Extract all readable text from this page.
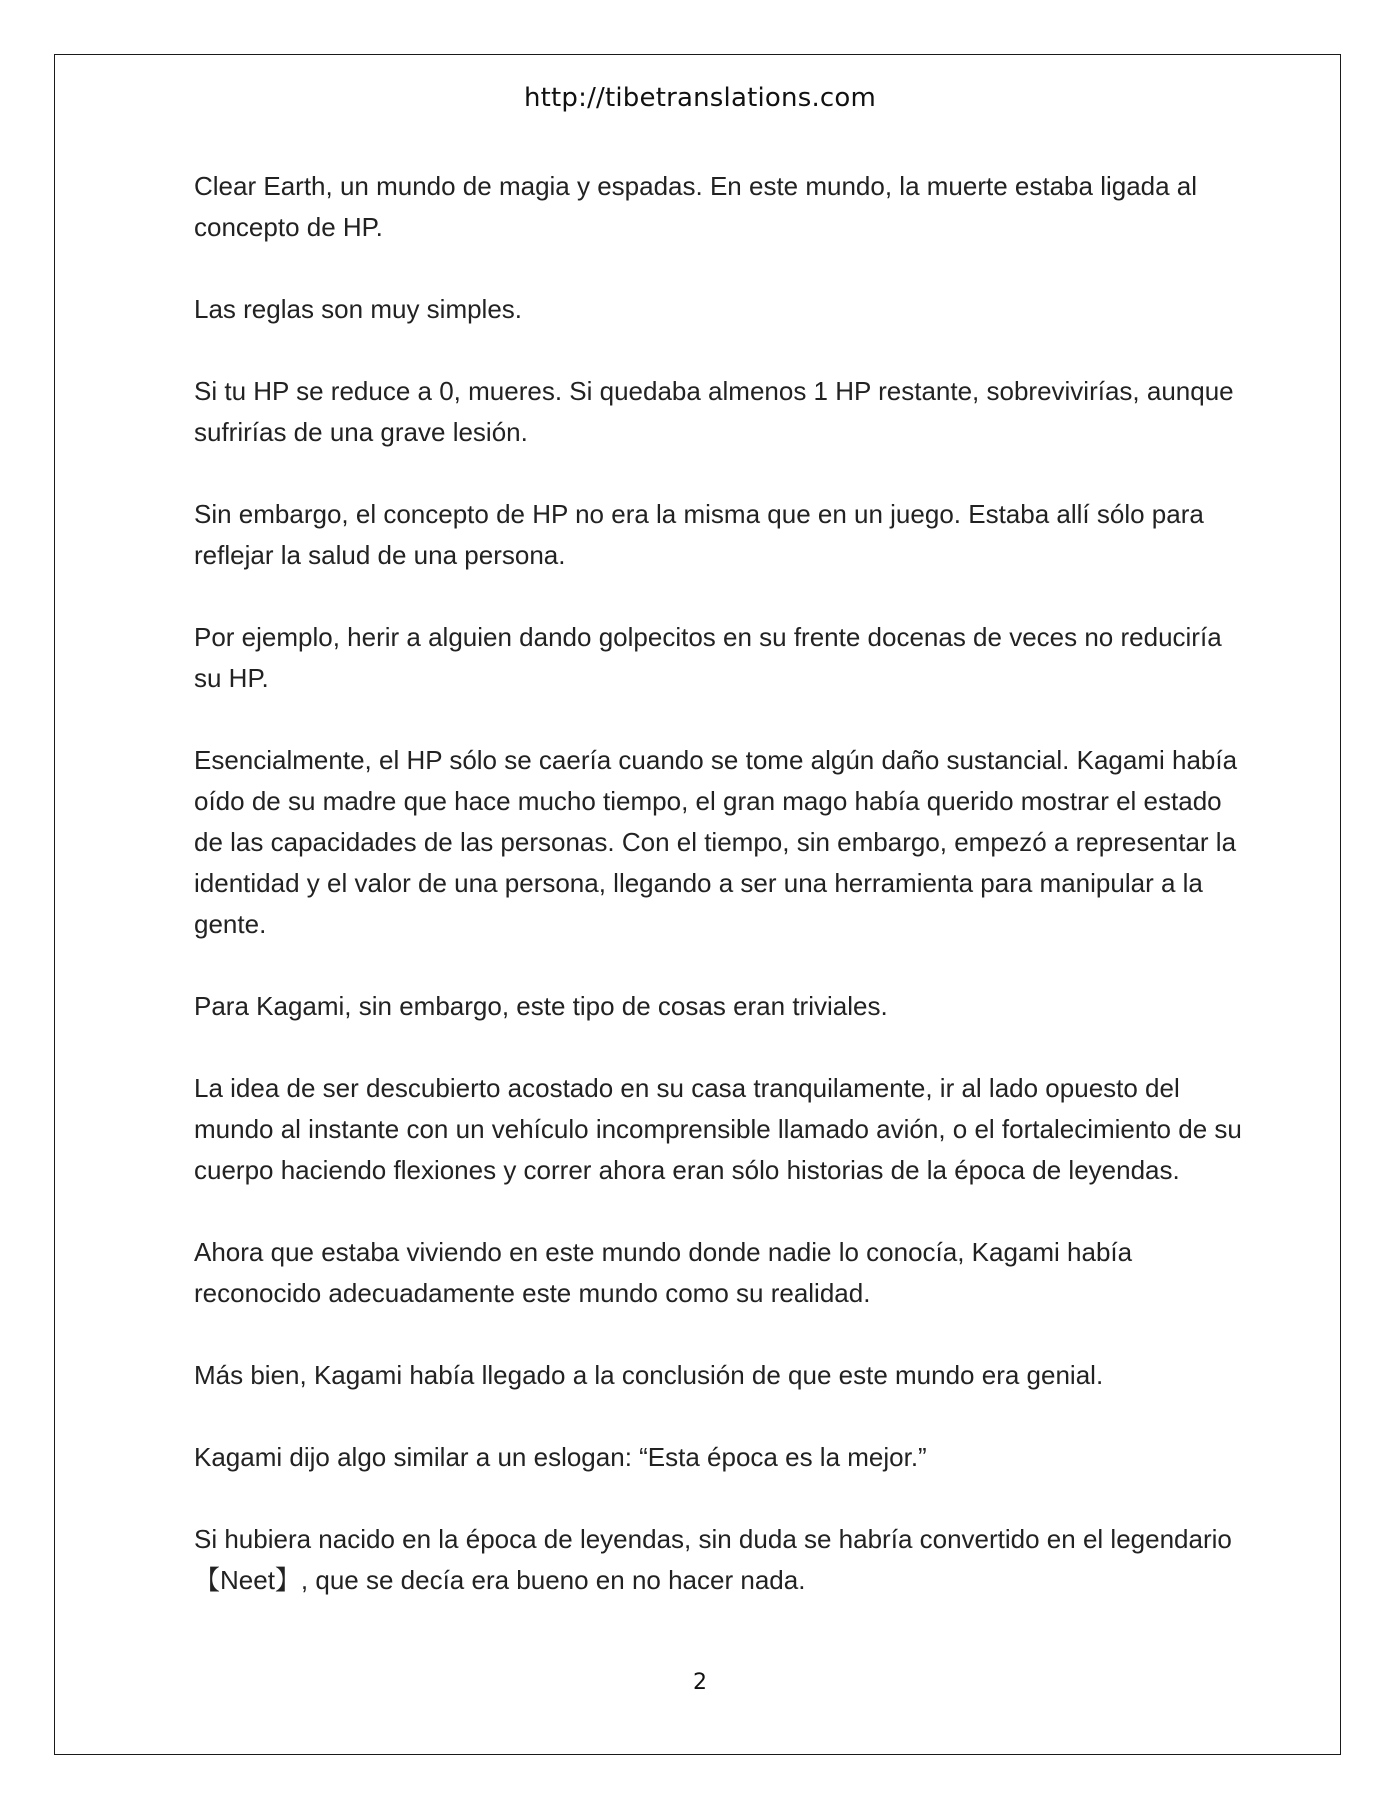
http://tibetranslations.com

Clear Earth, un mundo de magia y espadas. En este mundo, la muerte estaba ligada al concepto de HP.

Las reglas son muy simples.

Si tu HP se reduce a 0, mueres. Si quedaba almenos 1 HP restante, sobrevivirías, aunque sufrirías de una grave lesión.

Sin embargo, el concepto de HP no era la misma que en un juego. Estaba allí sólo para reflejar la salud de una persona.

Por ejemplo, herir a alguien dando golpecitos en su frente docenas de veces no reduciría su HP.

Esencialmente, el HP sólo se caería cuando se tome algún daño sustancial. Kagami había oído de su madre que hace mucho tiempo, el gran mago había querido mostrar el estado de las capacidades de las personas. Con el tiempo, sin embargo, empezó a representar la identidad y el valor de una persona, llegando a ser una herramienta para manipular a la gente.

Para Kagami, sin embargo, este tipo de cosas eran triviales.

La idea de ser descubierto acostado en su casa tranquilamente, ir al lado opuesto del mundo al instante con un vehículo incomprensible llamado avión, o el fortalecimiento de su cuerpo haciendo flexiones y correr ahora eran sólo historias de la época de leyendas.

Ahora que estaba viviendo en este mundo donde nadie lo conocía, Kagami había reconocido adecuadamente este mundo como su realidad.

Más bien, Kagami había llegado a la conclusión de que este mundo era genial.

Kagami dijo algo similar a un eslogan: “Esta época es la mejor.”

Si hubiera nacido en la época de leyendas, sin duda se habría convertido en el legendario 【Neet】, que se decía era bueno en no hacer nada.

2
